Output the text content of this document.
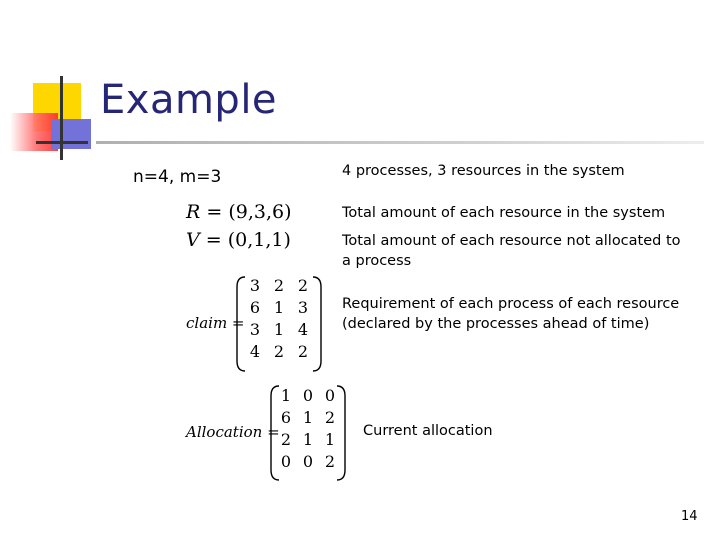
Example
n=4, m=3
R = (9,3,6)
V = (0,1,1)
claim =
3 2 2
6 1 3
3 1 4
4 2 2
Allocation =
1 0 0
6 1 2
2 1 1
0 0 2
4 processes, 3 resources in the system
Total amount of each resource in the system
Total amount of each resource not allocated to a process
Requirement of each process of each resource (declared by the processes ahead of time)
Current allocation
14
